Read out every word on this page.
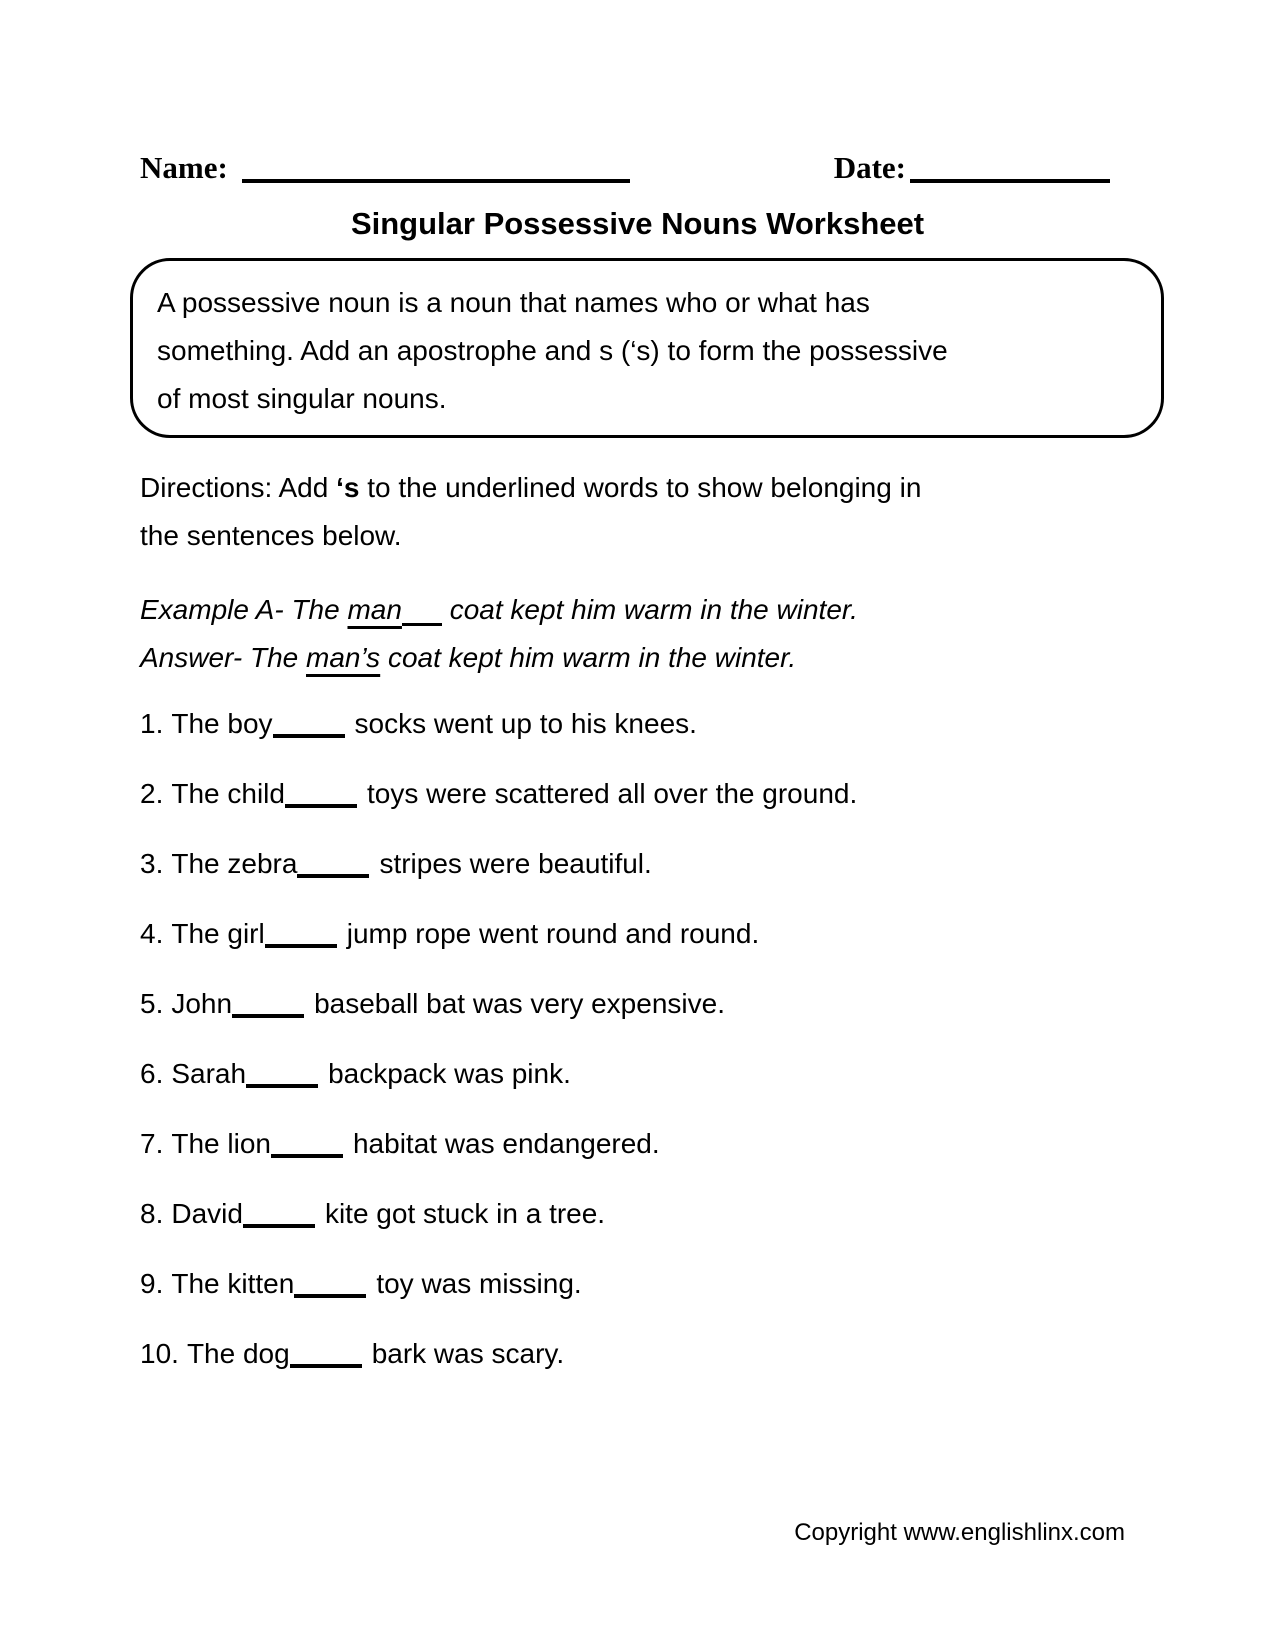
Name:	Date:
Singular Possessive Nouns Worksheet
A possessive noun is a noun that names who or what has
something. Add an apostrophe and s (‘s) to form the possessive
of most singular nouns.
Directions: Add ‘s to the underlined words to show belonging in
the sentences below.
Example A- The man coat kept him warm in the winter.
Answer- The man’s coat kept him warm in the winter.
1. The boy	socks went up to his knees.
2. The child	toys were scattered all over the ground.
3. The zebra	stripes were beautiful.
4. The girl	jump rope went round and round.
5. John	baseball bat was very expensive.
6. Sarah	backpack was pink.
7. The lion	habitat was endangered.
8. David	kite got stuck in a tree.
9. The kitten	toy was missing.
10. The dog	bark was scary.
Copyright www.englishlinx.com
